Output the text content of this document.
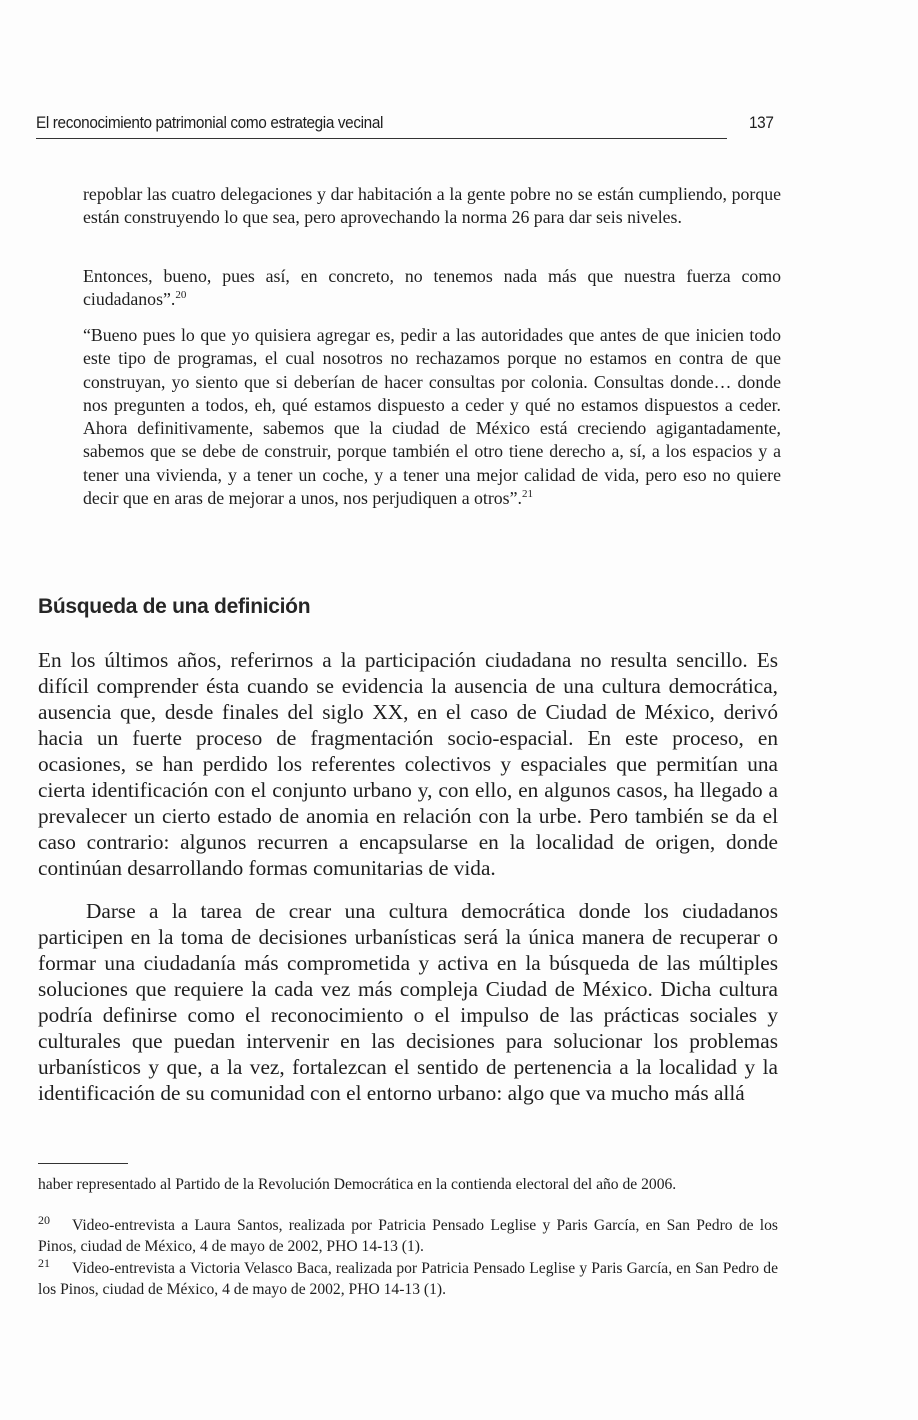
El reconocimiento patrimonial como estrategia vecinal	137

repoblar las cuatro delegaciones y dar habitación a la gente pobre no se están cumpliendo, porque están construyendo lo que sea, pero aprovechando la norma 26 para dar seis niveles.

Entonces, bueno, pues así, en concreto, no tenemos nada más que nuestra fuerza como ciudadanos”.$^{20}$

“Bueno pues lo que yo quisiera agregar es, pedir a las autoridades que antes de que inicien todo este tipo de programas, el cual nosotros no rechazamos porque no estamos en contra de que construyan, yo siento que si deberían de hacer consultas por colonia. Consultas donde… donde nos pregunten a todos, eh, qué estamos dispuesto a ceder y qué no estamos dispuestos a ceder. Ahora definitivamente, sabemos que la ciudad de México está creciendo agigantadamente, sabemos que se debe de construir, porque también el otro tiene derecho a, sí, a los espacios y a tener una vivienda, y a tener un coche, y a tener una mejor calidad de vida, pero eso no quiere decir que en aras de mejorar a unos, nos perjudiquen a otros”.$^{21}$

Búsqueda de una definición

En los últimos años, referirnos a la participación ciudadana no resulta sencillo. Es difícil comprender ésta cuando se evidencia la ausencia de una cultura democrática, ausencia que, desde finales del siglo XX, en el caso de Ciudad de México, derivó hacia un fuerte proceso de fragmentación socio-espacial. En este proceso, en ocasiones, se han perdido los referentes colectivos y espaciales que permitían una cierta identificación con el conjunto urbano y, con ello, en algunos casos, ha llegado a prevalecer un cierto estado de anomia en relación con la urbe. Pero también se da el caso contrario: algunos recurren a encapsularse en la localidad de origen, donde continúan desarrollando formas comunitarias de vida.

Darse a la tarea de crear una cultura democrática donde los ciudadanos participen en la toma de decisiones urbanísticas será la única manera de recuperar o formar una ciudadanía más comprometida y activa en la búsqueda de las múltiples soluciones que requiere la cada vez más compleja Ciudad de México. Dicha cultura podría definirse como el reconocimiento o el impulso de las prácticas sociales y culturales que puedan intervenir en las decisiones para solucionar los problemas urbanísticos y que, a la vez, fortalezcan el sentido de pertenencia a la localidad y la identificación de su comunidad con el entorno urbano: algo que va mucho más allá

haber representado al Partido de la Revolución Democrática en la contienda electoral del año de 2006.

$^{20}$ Video-entrevista a Laura Santos, realizada por Patricia Pensado Leglise y Paris García, en San Pedro de los Pinos, ciudad de México, 4 de mayo de 2002, PHO 14-13 (1).

$^{21}$ Video-entrevista a Victoria Velasco Baca, realizada por Patricia Pensado Leglise y Paris García, en San Pedro de los Pinos, ciudad de México, 4 de mayo de 2002, PHO 14-13 (1).
